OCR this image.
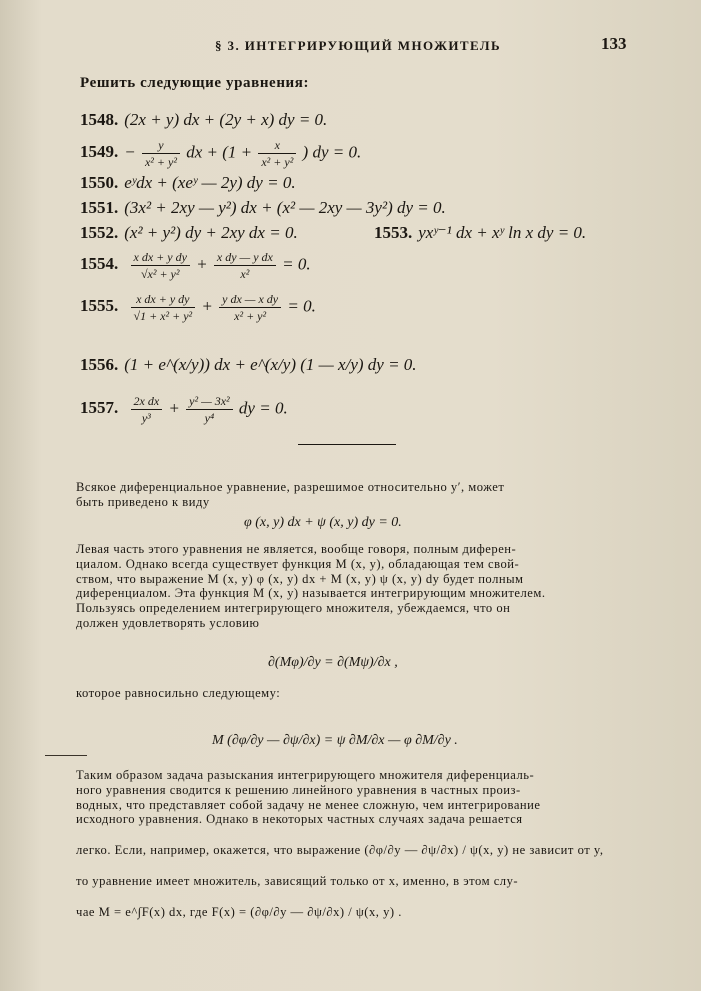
§ 3. ИНТЕГРИРУЮЩИЙ МНОЖИТЕЛЬ	133
Решить следующие уравнения:
1548. (2x + y) dx + (2y + x) dy = 0.
1549. − $\frac{y}{\text{x² + y²}}$ dx + ($1 + \frac{x}{\text{x² + y²}}$ ) dy = 0.
1550. eʸdx + (xeʸ — 2y) dy = 0.
1551. (3x² + 2xy — y²) dx + (x² — 2xy — 3y²) dy = 0.
1552. (x² + y²) dy + 2xy dx = 0.	1553. yxʸ⁻¹ dx + xʸ ln x dy = 0.
1554. $\frac{\text{x dx + y dy}}{\text{√x² + y²}} + \frac{\text{x dy — y dx}}{\text{x²}} = 0$.
1555. $\frac{\text{x dx + y dy}}{\text{√1 + x² + y²}} + \frac{\text{y dx — x dy}}{\text{x² + y²}} = 0$.
1556. (1 + e^(x/y)) dx + e^(x/y) (1 — x/y) dy = 0.
1557. $\frac{\text{2x dx}}{\text{y³}} + \frac{\text{y² — 3x²}}{\text{y⁴}}$ dy = 0.
Всякое диференциальное уравнение, разрешимое относительно y′, может
быть приведено к виду
φ (x, y) dx + ψ (x, y) dy = 0.
Левая часть этого уравнения не является, вообще говоря, полным диферен-
циалом. Однако всегда существует функция M (x, y), обладающая тем свой-
ством, что выражение M (x, y) φ (x, y) dx + M (x, y) ψ (x, y) dy будет полным
диференциалом. Эта функция M (x, y) называется интегрирующим множителем.
Пользуясь определением интегрирующего множителя, убеждаемся, что он
должен удовлетворять условию
∂(Mφ)/∂y = ∂(Mψ)/∂x ,
которое равносильно следующему:
M (∂φ/∂y — ∂ψ/∂x) = ψ ∂M/∂x — φ ∂M/∂y .
Таким образом задача разыскания интегрирующего множителя диференциаль-
ного уравнения сводится к решению линейного уравнения в частных произ-
водных, что представляет собой задачу не менее сложную, чем интегрирование
исходного уравнения. Однако в некоторых частных случаях задача решается
легко. Если, например, окажется, что выражение (∂φ/∂y — ∂ψ/∂x) / ψ(x, y) не зависит от y,
то уравнение имеет множитель, зависящий только от x, именно, в этом слу-
чае M = e^∫F(x) dx, где F(x) = (∂φ/∂y — ∂ψ/∂x) / ψ(x, y) .
